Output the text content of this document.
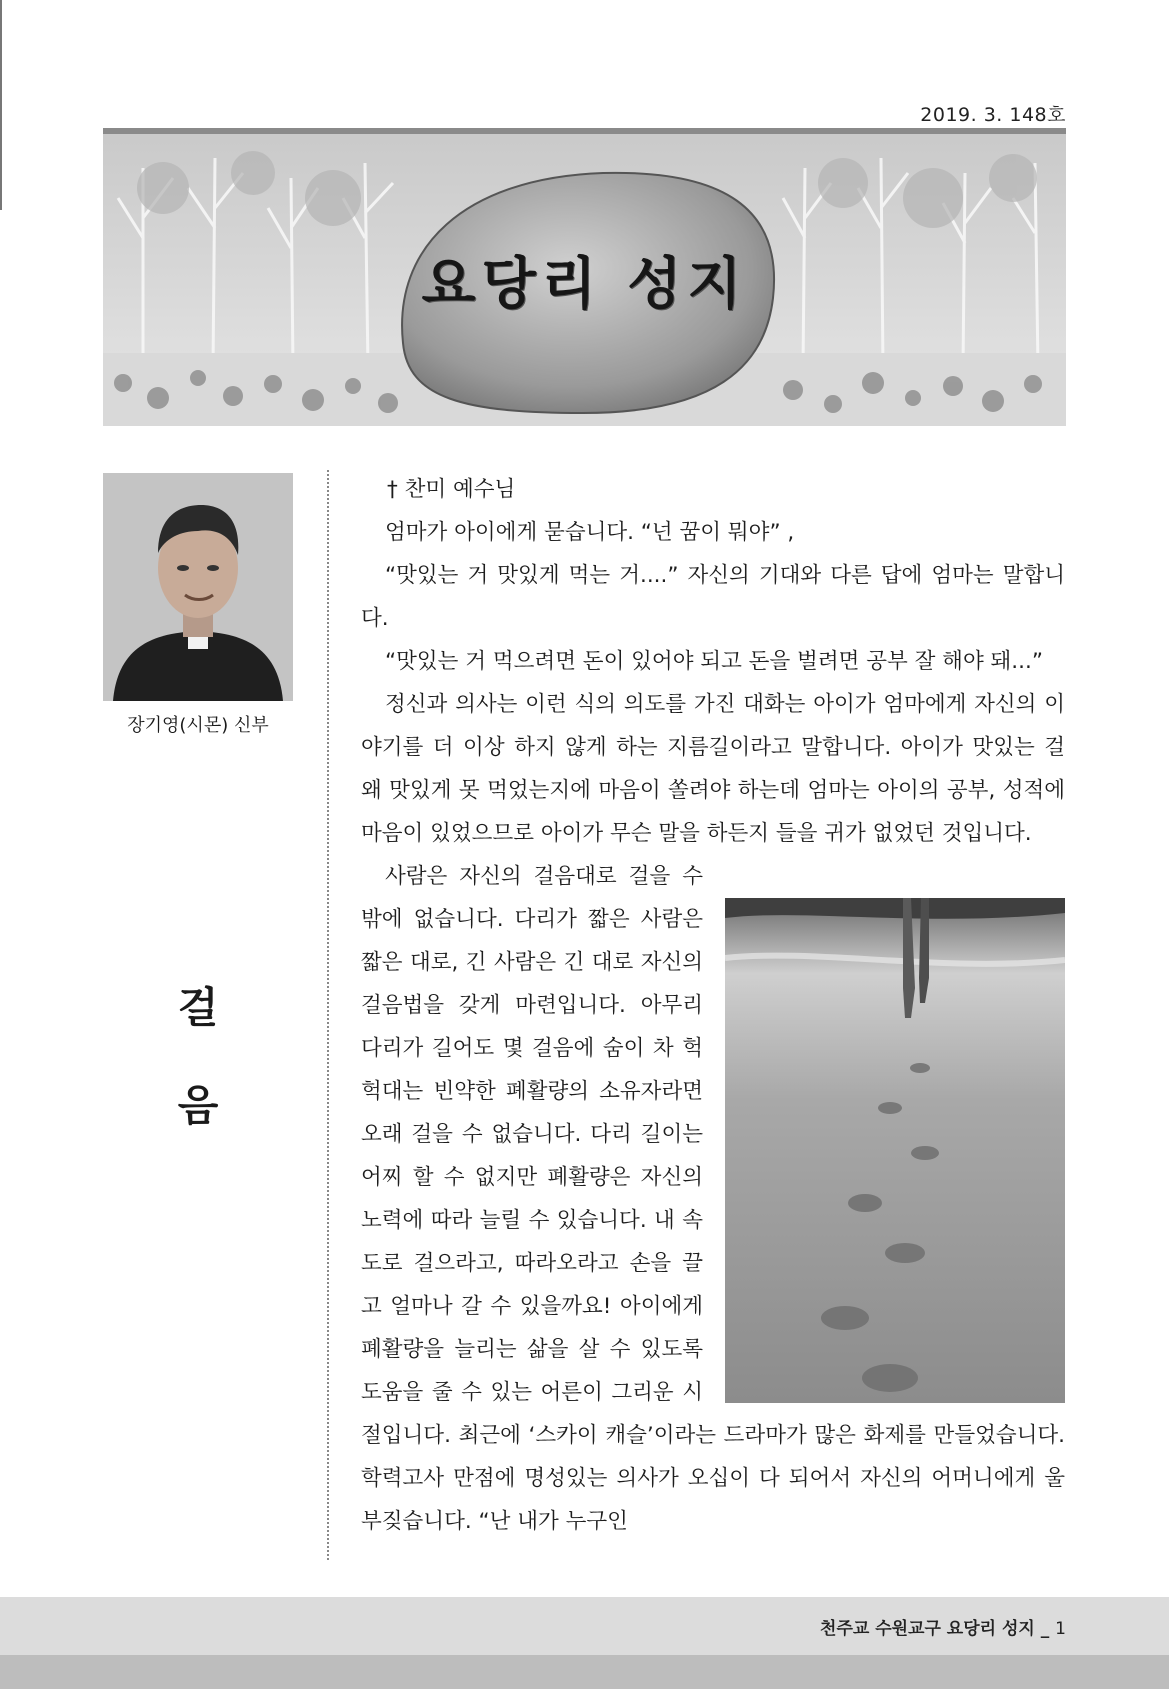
2019. 3. 148호
요당리 성지
장기영(시몬) 신부
걸
음

† 찬미 예수님

엄마가 아이에게 묻습니다. “넌 꿈이 뭐야” ,

“맛있는 거 맛있게 먹는 거....” 자신의 기대와 다른 답에 엄마는 말합니다.

“맛있는 거 먹으려면 돈이 있어야 되고 돈을 벌려면 공부 잘 해야 돼...”

정신과 의사는 이런 식의 의도를 가진 대화는 아이가 엄마에게 자신의 이야기를 더 이상 하지 않게 하는 지름길이라고 말합니다. 아이가 맛있는 걸 왜 맛있게 못 먹었는지에 마음이 쏠려야 하는데 엄마는 아이의 공부, 성적에 마음이 있었으므로 아이가 무슨 말을 하든지 들을 귀가 없었던 것입니다.

사람은 자신의 걸음대로 걸을 수밖에 없습니다. 다리가 짧은 사람은 짧은 대로, 긴 사람은 긴 대로 자신의 걸음법을 갖게 마련입니다. 아무리 다리가 길어도 몇 걸음에 숨이 차 헉헉대는 빈약한 폐활량의 소유자라면 오래 걸을 수 없습니다. 다리 길이는 어찌 할 수 없지만 폐활량은 자신의 노력에 따라 늘릴 수 있습니다. 내 속도로 걸으라고, 따라오라고 손을 끌고 얼마나 갈 수 있을까요! 아이에게 폐활량을 늘리는 삶을 살 수 있도록 도움을 줄 수 있는 어른이 그리운 시절입니다. 최근에 ‘스카이 캐슬’이라는 드라마가 많은 화제를 만들었습니다. 학력고사 만점에 명성있는 의사가 오십이 다 되어서 자신의 어머니에게 울부짖습니다. “난 내가 누구인

천주교 수원교구 요당리 성지 _ 1
